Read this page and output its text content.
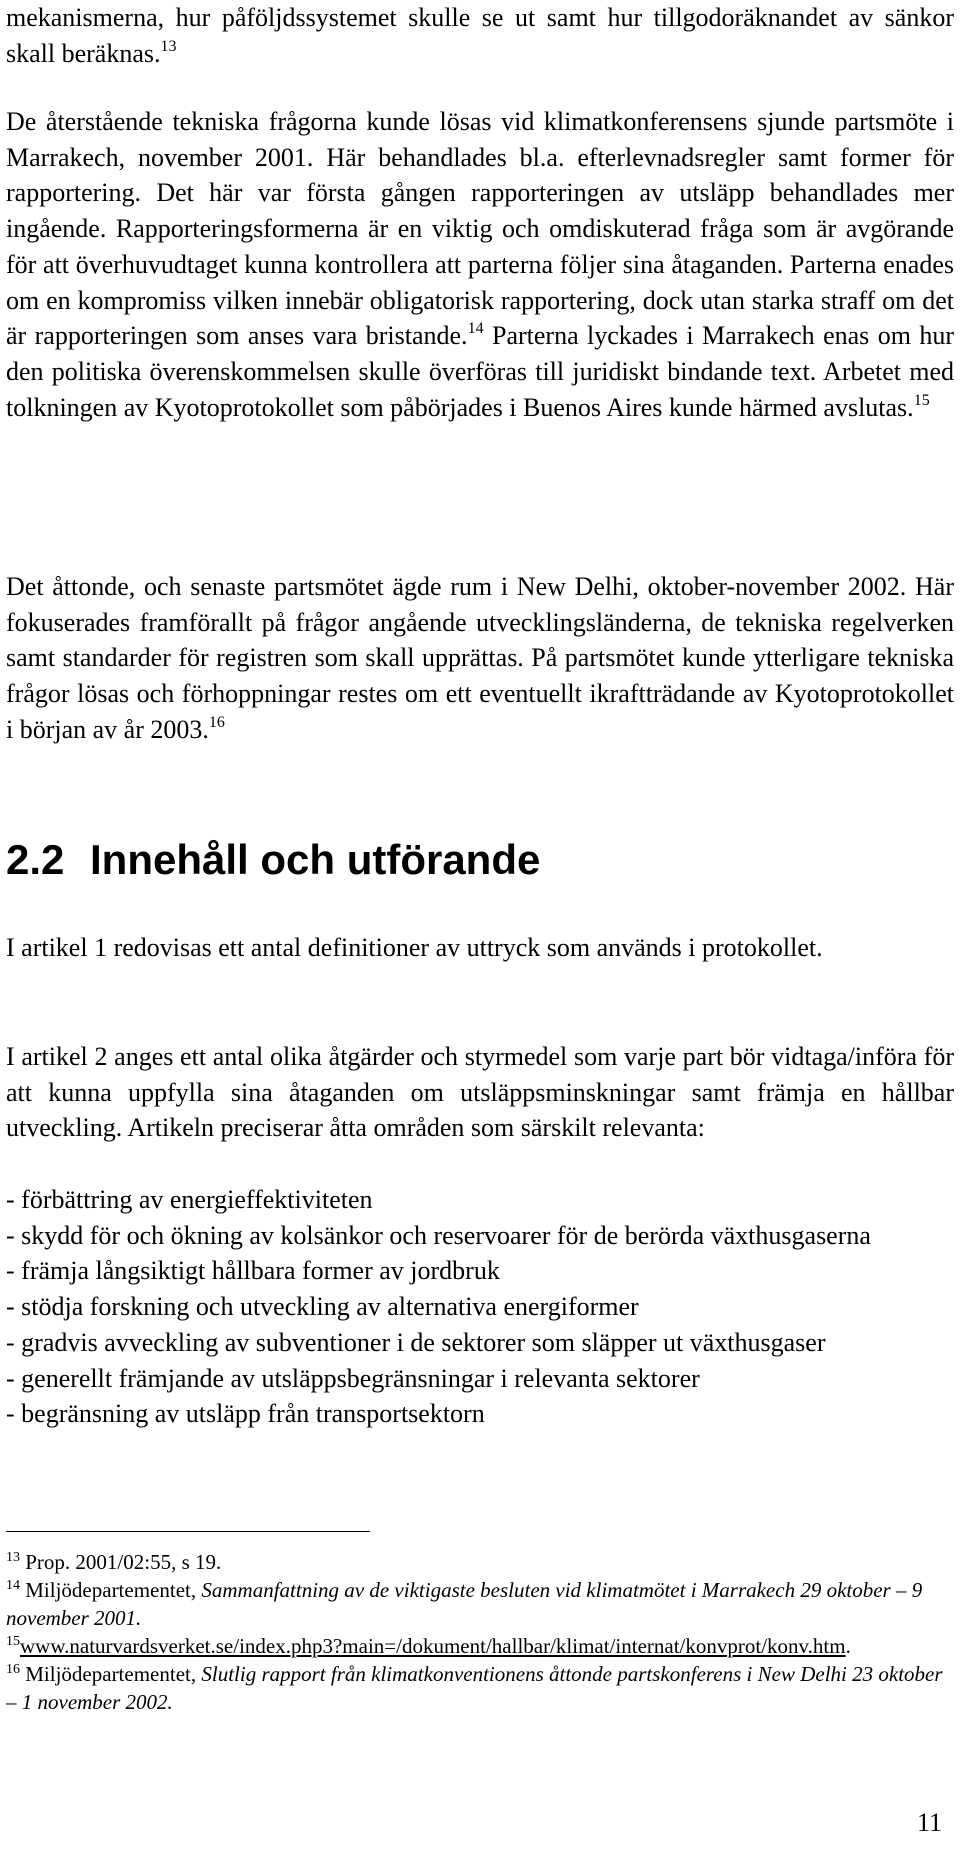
mekanismerna, hur påföljdssystemet skulle se ut samt hur tillgodoräknandet av sänkor skall beräknas.$^{13}$
De återstående tekniska frågorna kunde lösas vid klimatkonferensens sjunde partsmöte i Marrakech, november 2001. Här behandlades bl.a. efterlevnadsregler samt former för rapportering. Det här var första gången rapporteringen av utsläpp behandlades mer ingående. Rapporteringsformerna är en viktig och omdiskuterad fråga som är avgörande för att överhuvudtaget kunna kontrollera att parterna följer sina åtaganden. Parterna enades om en kompromiss vilken innebär obligatorisk rapportering, dock utan starka straff om det är rapporteringen som anses vara bristande.$^{14}$ Parterna lyckades i Marrakech enas om hur den politiska överenskommelsen skulle överföras till juridiskt bindande text. Arbetet med tolkningen av Kyotoprotokollet som påbörjades i Buenos Aires kunde härmed avslutas.$^{15}$
Det åttonde, och senaste partsmötet ägde rum i New Delhi, oktober-november 2002. Här fokuserades framförallt på frågor angående utvecklingsländerna, de tekniska regelverken samt standarder för registren som skall upprättas. På partsmötet kunde ytterligare tekniska frågor lösas och förhoppningar restes om ett eventuellt ikraftträdande av Kyotoprotokollet i början av år 2003.16
2.2 Innehåll och utförande
I artikel 1 redovisas ett antal definitioner av uttryck som används i protokollet.
I artikel 2 anges ett antal olika åtgärder och styrmedel som varje part bör vidtaga/införa för att kunna uppfylla sina åtaganden om utsläppsminskningar samt främja en hållbar utveckling. Artikeln preciserar åtta områden som särskilt relevanta:
- förbättring av energieffektiviteten
- skydd för och ökning av kolsänkor och reservoarer för de berörda växthusgaserna
- främja långsiktigt hållbara former av jordbruk
- stödja forskning och utveckling av alternativa energiformer
- gradvis avveckling av subventioner i de sektorer som släpper ut växthusgaser
- generellt främjande av utsläppsbegränsningar i relevanta sektorer
- begränsning av utsläpp från transportsektorn
$^{13}$ Prop. 2001/02:55, s 19.
$^{14}$ Miljödepartementet, Sammanfattning av de viktigaste besluten vid klimatmötet i Marrakech 29 oktober – 9 november 2001.
$^{15}$www.naturvardsverket.se/index.php3?main=/dokument/hallbar/klimat/internat/konvprot/konv.htm.
$^{16}$ Miljödepartementet, Slutlig rapport från klimatkonventionens åttonde partskonferens i New Delhi 23 oktober – 1 november 2002.
11
